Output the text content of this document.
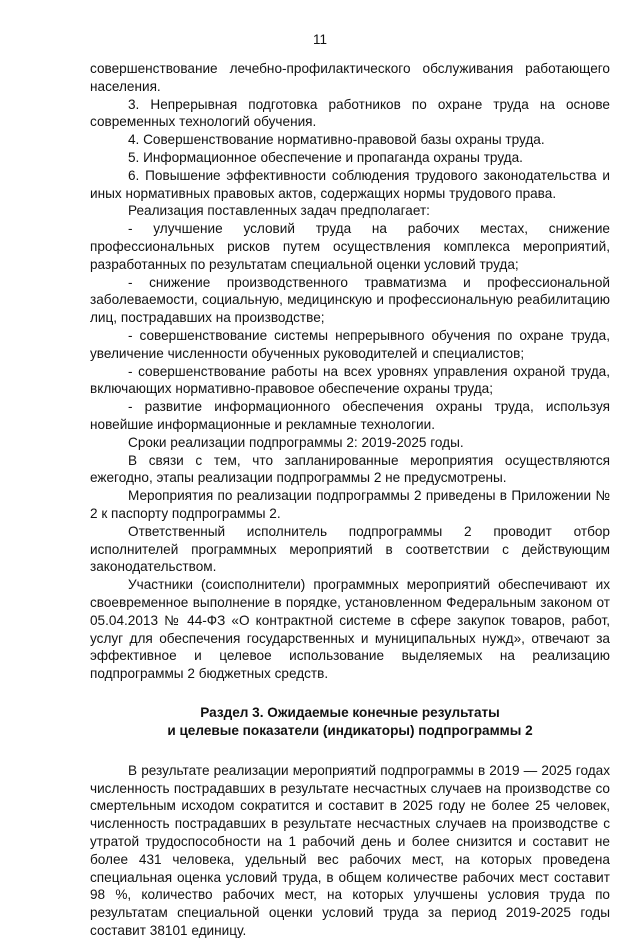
11

совершенствование лечебно-профилактического обслуживания работающего населения.

3. Непрерывная подготовка работников по охране труда на основе современных технологий обучения.

4. Совершенствование нормативно-правовой базы охраны труда.

5. Информационное обеспечение и пропаганда охраны труда.

6. Повышение эффективности соблюдения трудового законодательства и иных нормативных правовых актов, содержащих нормы трудового права.

Реализация поставленных задач предполагает:

- улучшение условий труда на рабочих местах, снижение профессиональных рисков путем осуществления комплекса мероприятий, разработанных по результатам специальной оценки условий труда;

- снижение производственного травматизма и профессиональной заболеваемости, социальную, медицинскую и профессиональную реабилитацию лиц, пострадавших на производстве;

- совершенствование системы непрерывного обучения по охране труда, увеличение численности обученных руководителей и специалистов;

- совершенствование работы на всех уровнях управления охраной труда, включающих нормативно-правовое обеспечение охраны труда;

- развитие информационного обеспечения охраны труда, используя новейшие информационные и рекламные технологии.

Сроки реализации подпрограммы 2: 2019-2025 годы.

В связи с тем, что запланированные мероприятия осуществляются ежегодно, этапы реализации подпрограммы 2 не предусмотрены.

Мероприятия по реализации подпрограммы 2 приведены в Приложении № 2 к паспорту подпрограммы 2.

Ответственный исполнитель подпрограммы 2 проводит отбор исполнителей программных мероприятий в соответствии с действующим законодательством.

Участники (соисполнители) программных мероприятий обеспечивают их своевременное выполнение в порядке, установленном Федеральным законом от 05.04.2013 № 44-ФЗ «О контрактной системе в сфере закупок товаров, работ, услуг для обеспечения государственных и муниципальных нужд», отвечают за эффективное и целевое использование выделяемых на реализацию подпрограммы 2 бюджетных средств.

Раздел 3. Ожидаемые конечные результаты
и целевые показатели (индикаторы) подпрограммы 2

В результате реализации мероприятий подпрограммы в 2019 — 2025 годах численность пострадавших в результате несчастных случаев на производстве со смертельным исходом сократится и составит в 2025 году не более 25 человек, численность пострадавших в результате несчастных случаев на производстве с утратой трудоспособности на 1 рабочий день и более снизится и составит не более 431 человека, удельный вес рабочих мест, на которых проведена специальная оценка условий труда, в общем количестве рабочих мест составит 98 %, количество рабочих мест, на которых улучшены условия труда по результатам специальной оценки условий труда за период 2019-2025 годы составит 38101 единицу.
